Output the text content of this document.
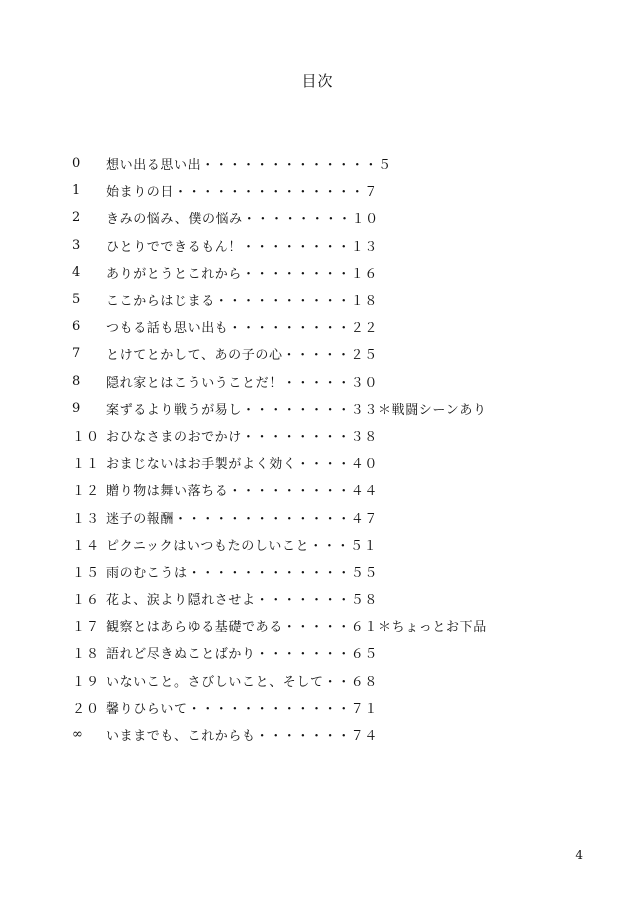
目次
0	想い出る思い出・・・・・・・・・・・・・５
1	始まりの日・・・・・・・・・・・・・・７
2	きみの悩み、僕の悩み・・・・・・・・１０
3	ひとりでできるもん！・・・・・・・・１３
4	ありがとうとこれから・・・・・・・・１６
5	ここからはじまる・・・・・・・・・・１８
6	つもる話も思い出も・・・・・・・・・２２
7	とけてとかして、あの子の心・・・・・２５
8	隠れ家とはこういうことだ！・・・・・３０
9	案ずるより戦うが易し・・・・・・・・３３＊戦闘シーンあり
１０ おひなさまのおでかけ・・・・・・・・３８
１１ おまじないはお手製がよく効く・・・・４０
１２ 贈り物は舞い落ちる・・・・・・・・・４４
１３ 迷子の報酬・・・・・・・・・・・・・４７
１４ ピクニックはいつもたのしいこと・・・５１
１５ 雨のむこうは・・・・・・・・・・・・５５
１６ 花よ、涙より隠れさせよ・・・・・・・５８
１７ 観察とはあらゆる基礎である・・・・・６１＊ちょっとお下品
１８ 語れど尽きぬことばかり・・・・・・・６５
１９ いないこと。さびしいこと、そして・・６８
２０ 馨りひらいて・・・・・・・・・・・・７１
∞	いままでも、これからも・・・・・・・７４
4
